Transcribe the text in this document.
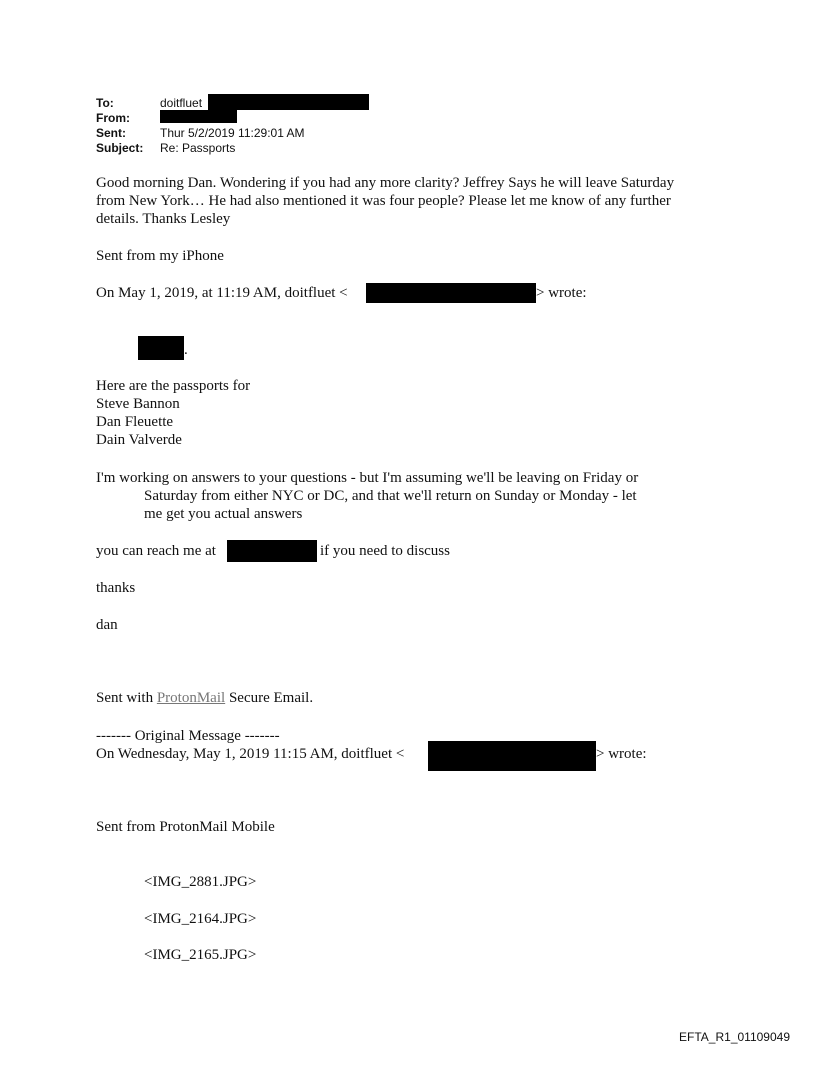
To:	doitfluet
From:
Sent:	Thur 5/2/2019 11:29:01 AM
Subject: Re: Passports
Good morning Dan. Wondering if you had any more clarity? Jeffrey Says he will leave Saturday
from New York… He had also mentioned it was four people? Please let me know of any further
details. Thanks Lesley
Sent from my iPhone
On May 1, 2019, at 11:19 AM, doitfluet <	> wrote:
.
Here are the passports for
Steve Bannon
Dan Fleuette
Dain Valverde
I'm working on answers to your questions - but I'm assuming we'll be leaving on Friday or
Saturday from either NYC or DC, and that we'll return on Sunday or Monday - let
me get you actual answers
you can reach me at	if you need to discuss
thanks
dan
Sent with ProtonMail Secure Email.
------- Original Message -------
On Wednesday, May 1, 2019 11:15 AM, doitfluet <	> wrote:
Sent from ProtonMail Mobile
<IMG_2881.JPG>
<IMG_2164.JPG>
<IMG_2165.JPG>
EFTA_R1_01109049
